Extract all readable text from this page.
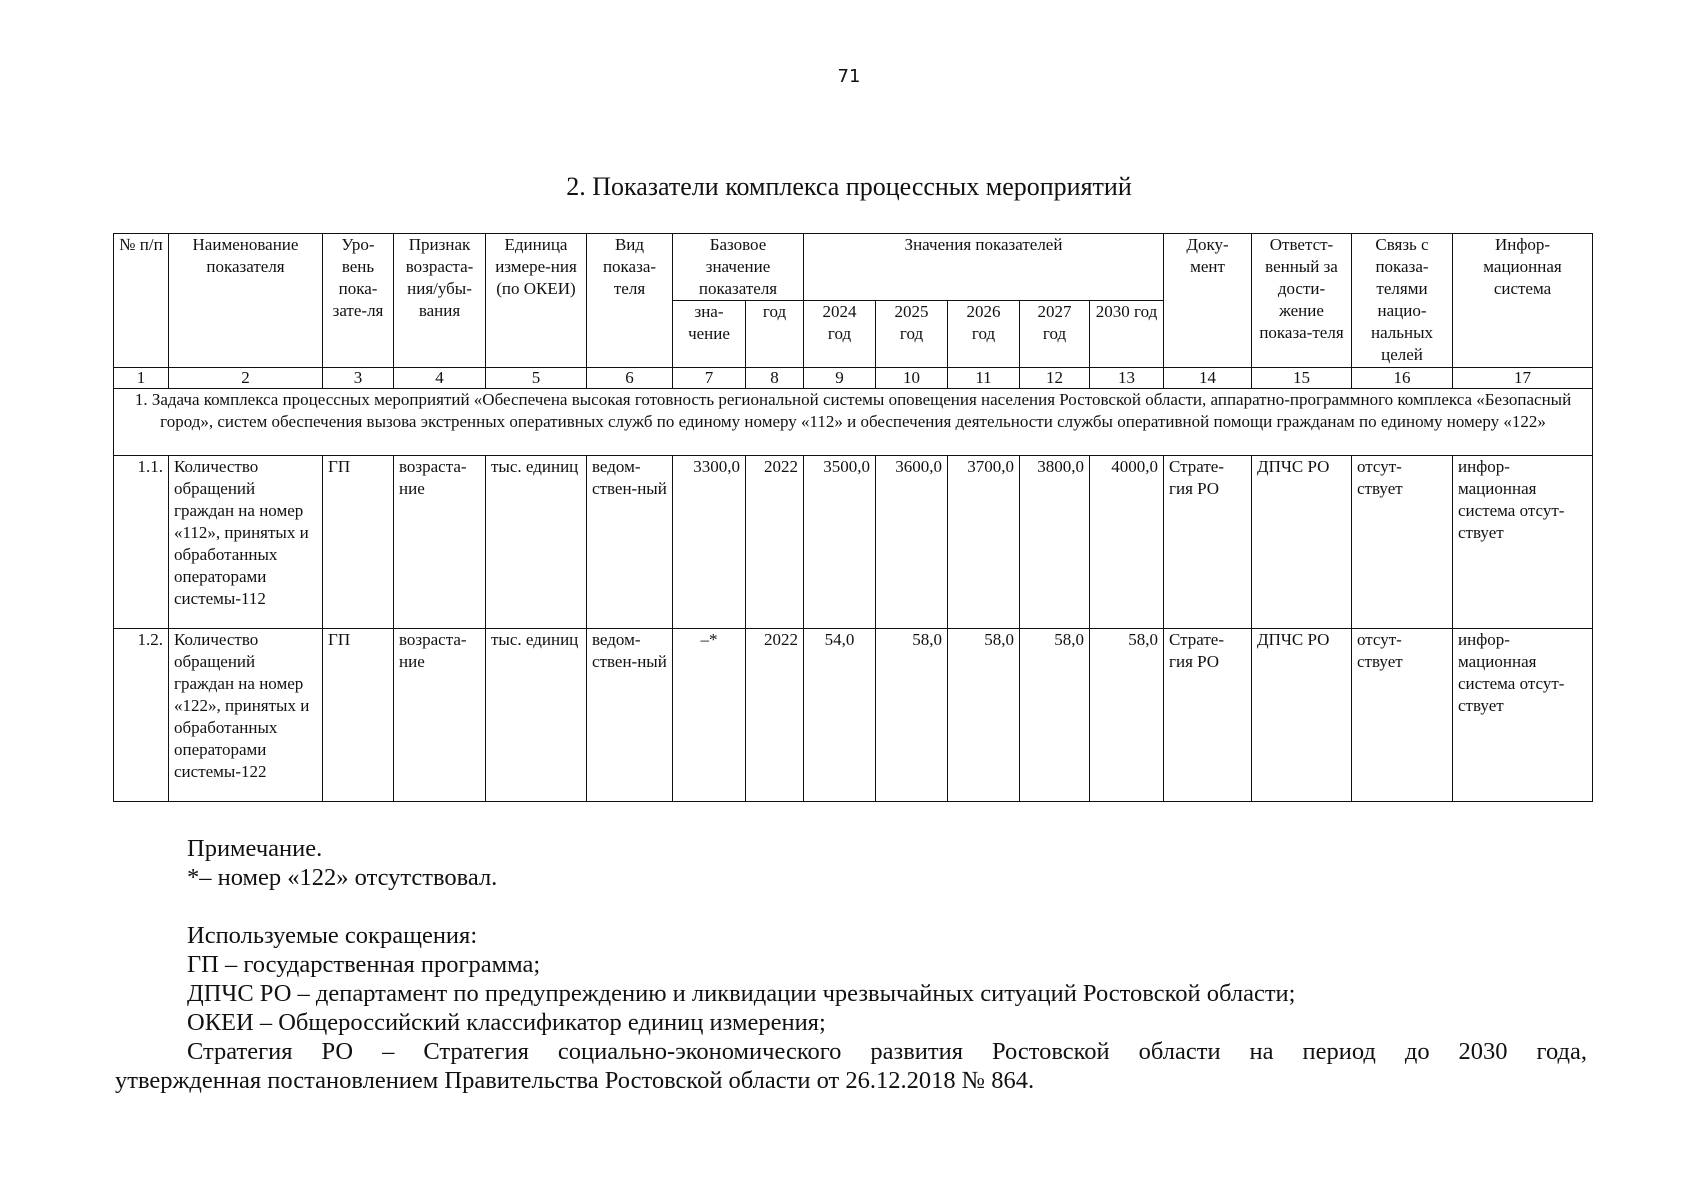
71
2. Показатели комплекса процессных мероприятий
№ п/п	Наименование показателя	Уро-вень пока-зате-ля	Признак возраста-ния/убы-вания	Единица измере-ния (по ОКЕИ)	Вид показа-теля	Базовое значение показателя		Значения показателей					Доку-мент	Ответст-венный за дости-жение показа-теля	Связь с показа-телями нацио-нальных целей	Инфор-мационная система
						зна-чение	год	2024 год	2025 год	2026 год	2027 год	2030 год				
1	2	3	4	5	6	7	8	9	10	11	12	13	14	15	16	17
1. Задача комплекса процессных мероприятий «Обеспечена высокая готовность региональной системы оповещения населения Ростовской области, аппаратно-программного комплекса «Безопасный город», систем обеспечения вызова экстренных оперативных служб по единому номеру «112» и обеспечения деятельности службы оперативной помощи гражданам по единому номеру «122»																
1.1.	Количество обращений граждан на номер «112», принятых и обработанных операторами системы-112	ГП	возраста-ние	тыс. единиц	ведом-ствен-ный	3300,0	2022	3500,0	3600,0	3700,0	3800,0	4000,0	Страте-гия РО	ДПЧС РО	отсут-ствует	инфор-мационная система отсут-ствует
1.2.	Количество обращений граждан на номер «122», принятых и обработанных операторами системы-122	ГП	возраста-ние	тыс. единиц	ведом-ствен-ный	–*	2022	54,0	58,0	58,0	58,0	58,0	Страте-гия РО	ДПЧС РО	отсут-ствует	инфор-мационная система отсут-ствует

Примечание.

*– номер «122» отсутствовал.

Используемые сокращения:

ГП – государственная программа;

ДПЧС РО – департамент по предупреждению и ликвидации чрезвычайных ситуаций Ростовской области;

ОКЕИ – Общероссийский классификатор единиц измерения;

Стратегия РО – Стратегия социально-экономического развития Ростовской области на период до 2030 года,

утвержденная постановлением Правительства Ростовской области от 26.12.2018 № 864.
